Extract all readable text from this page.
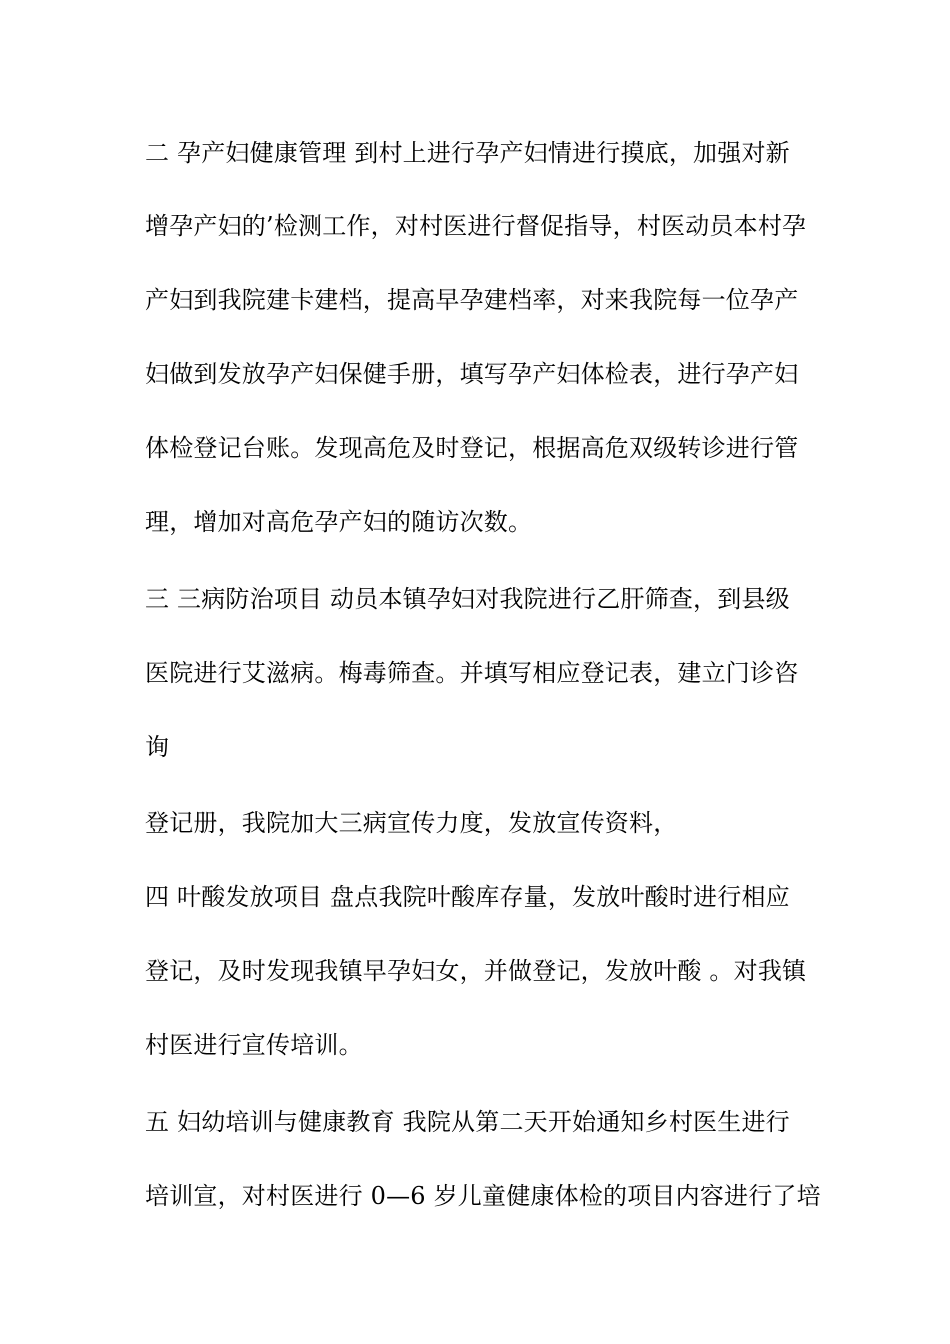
二 孕产妇健康管理 到村上进行孕产妇情进行摸底，加强对新

增孕产妇的’检测工作，对村医进行督促指导，村医动员本村孕

产妇到我院建卡建档，提高早孕建档率，对来我院每一位孕产

妇做到发放孕产妇保健手册，填写孕产妇体检表，进行孕产妇

体检登记台账。发现高危及时登记，根据高危双级转诊进行管

理，增加对高危孕产妇的随访次数。

三 三病防治项目 动员本镇孕妇对我院进行乙肝筛查，到县级

医院进行艾滋病。梅毒筛查。并填写相应登记表，建立门诊咨

询

登记册，我院加大三病宣传力度，发放宣传资料，

四 叶酸发放项目 盘点我院叶酸库存量，发放叶酸时进行相应

登记，及时发现我镇早孕妇女，并做登记，发放叶酸 。对我镇

村医进行宣传培训。

五 妇幼培训与健康教育 我院从第二天开始通知乡村医生进行

培训宣，对村医进行 0—6 岁儿童健康体检的项目内容进行了培
